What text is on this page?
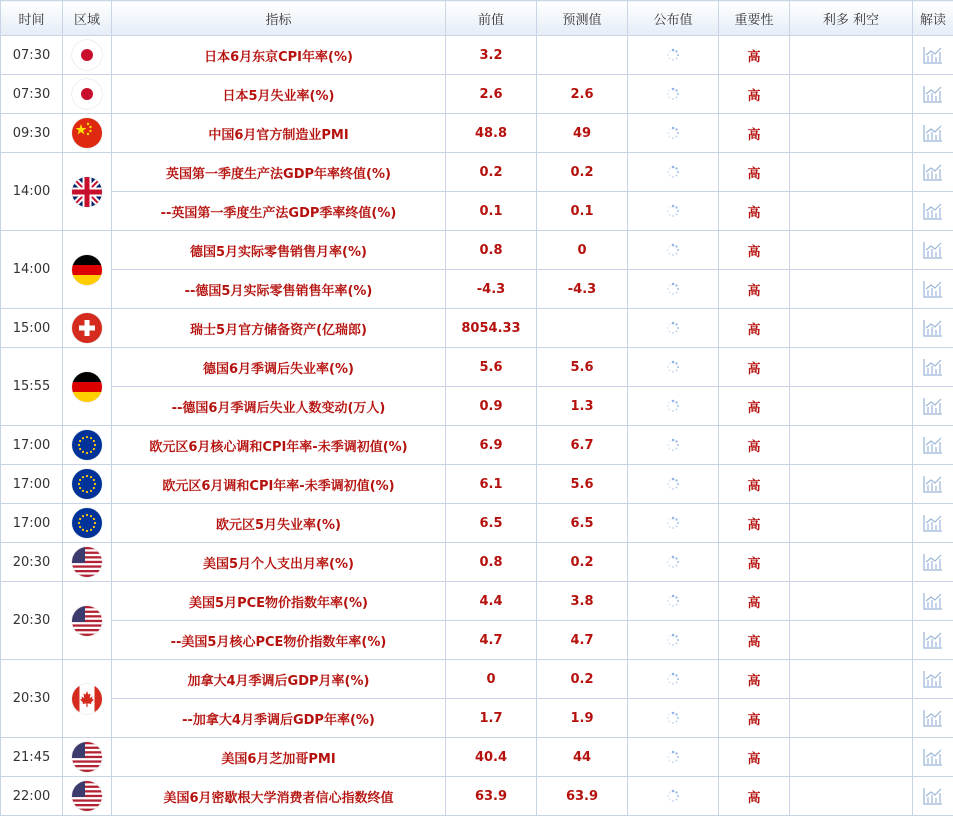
时间	区域	指标	前值	预测值	公布值	重要性	利多 利空	解读
07:30		日本6月东京CPI年率(%)	3.2			高		
07:30		日本5月失业率(%)	2.6	2.6		高		
09:30		中国6月官方制造业PMI	48.8	49		高		
14:00		英国第一季度生产法GDP年率终值(%)	0.2	0.2		高		
		--英国第一季度生产法GDP季率终值(%)	0.1	0.1		高		
14:00		德国5月实际零售销售月率(%)	0.8	0		高		
		--德国5月实际零售销售年率(%)	-4.3	-4.3		高		
15:00		瑞士5月官方储备资产(亿瑞郎)	8054.33			高		
15:55		德国6月季调后失业率(%)	5.6	5.6		高		
		--德国6月季调后失业人数变动(万人)	0.9	1.3		高		
17:00		欧元区6月核心调和CPI年率-未季调初值(%)	6.9	6.7		高		
17:00		欧元区6月调和CPI年率-未季调初值(%)	6.1	5.6		高		
17:00		欧元区5月失业率(%)	6.5	6.5		高		
20:30		美国5月个人支出月率(%)	0.8	0.2		高		
20:30		美国5月PCE物价指数年率(%)	4.4	3.8		高		
		--美国5月核心PCE物价指数年率(%)	4.7	4.7		高		
20:30		加拿大4月季调后GDP月率(%)	0	0.2		高		
		--加拿大4月季调后GDP年率(%)	1.7	1.9		高		
21:45		美国6月芝加哥PMI	40.4	44		高		
22:00		美国6月密歇根大学消费者信心指数终值	63.9	63.9		高		
